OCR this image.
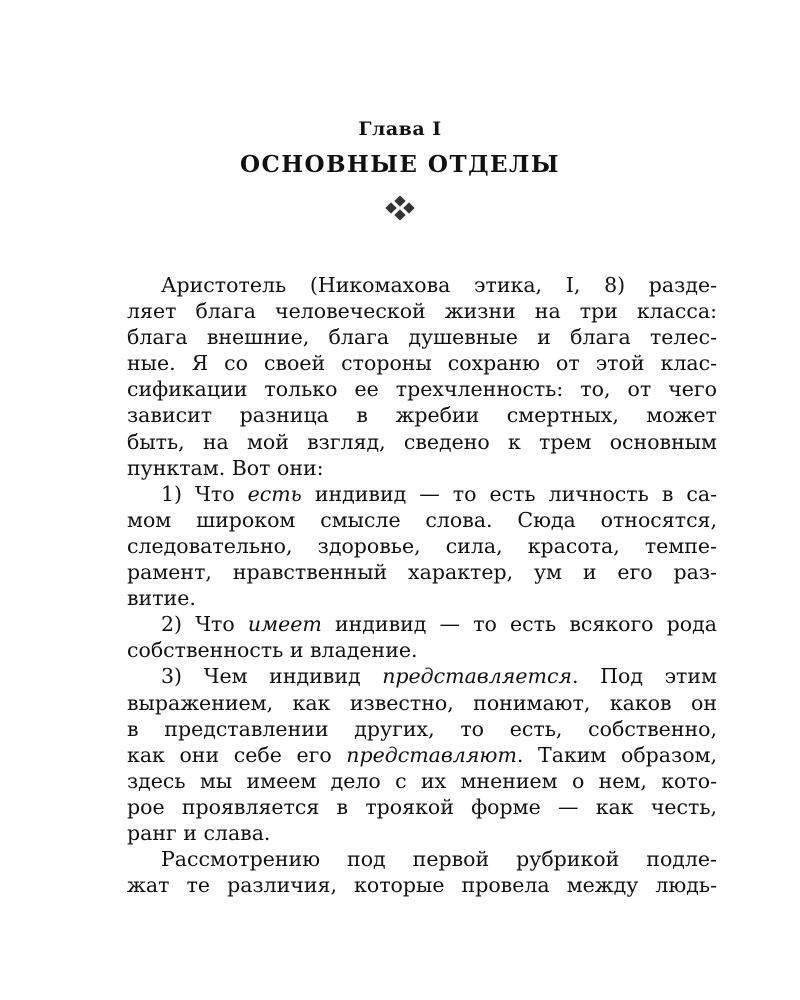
Глава I
ОСНОВНЫЕ ОТДЕЛЫ
Аристотель (Никомахова этика, I, 8) разде-
ляет блага человеческой жизни на три класса:
блага внешние, блага душевные и блага телес-
ные. Я со своей стороны сохраню от этой клас-
сификации только ее трехчленность: то, от чего
зависит разница в жребии смертных, может
быть, на мой взгляд, сведено к трем основным
пунктам. Вот они:
1) Что есть индивид — то есть личность в са-
мом широком смысле слова. Сюда относятся,
следовательно, здоровье, сила, красота, темпе-
рамент, нравственный характер, ум и его раз-
витие.
2) Что имеет индивид — то есть всякого рода
собственность и владение.
3) Чем индивид представляется. Под этим
выражением, как известно, понимают, каков он
в представлении других, то есть, собственно,
как они себе его представляют. Таким образом,
здесь мы имеем дело с их мнением о нем, кото-
рое проявляется в троякой форме — как честь,
ранг и слава.
Рассмотрению под первой рубрикой подле-
жат те различия, которые провела между людь-
